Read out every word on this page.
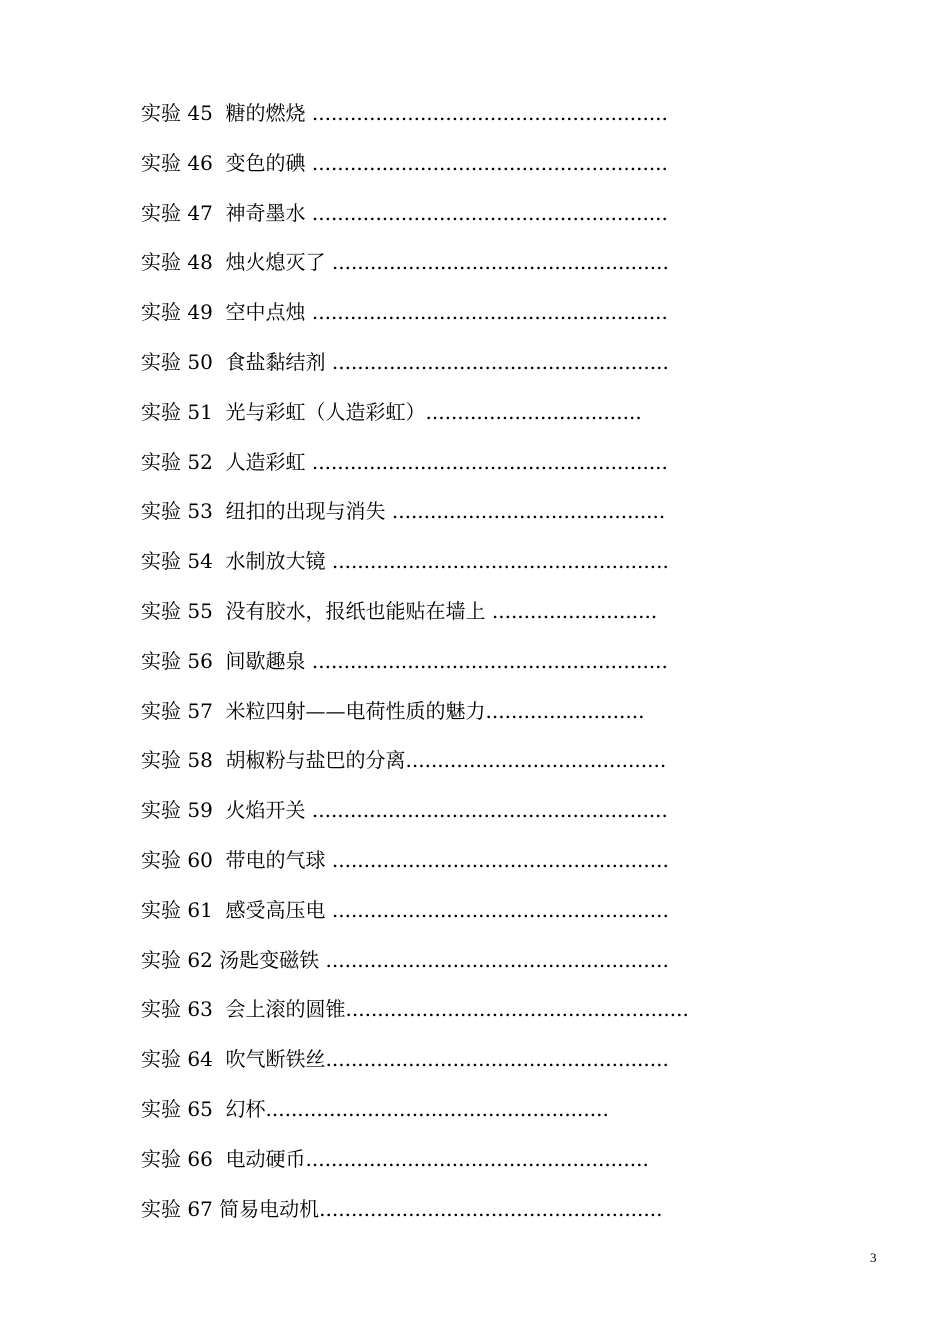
实验 45  糖的燃烧 ........................................................
实验 46  变色的碘 ........................................................
实验 47  神奇墨水 ........................................................
实验 48  烛火熄灭了 .....................................................
实验 49  空中点烛 ........................................................
实验 50  食盐黏结剂 .....................................................
实验 51  光与彩虹（人造彩虹）..................................
实验 52  人造彩虹 ........................................................
实验 53  纽扣的出现与消失 ...........................................
实验 54  水制放大镜 .....................................................
实验 55  没有胶水，报纸也能贴在墙上 ..........................
实验 56  间歇趣泉 ........................................................
实验 57  米粒四射——电荷性质的魅力.........................
实验 58  胡椒粉与盐巴的分离.........................................
实验 59  火焰开关 ........................................................
实验 60  带电的气球 .....................................................
实验 61  感受高压电 .....................................................
实验 62 汤匙变磁铁 ......................................................
实验 63  会上滚的圆锥......................................................
实验 64  吹气断铁丝......................................................
实验 65  幻杯......................................................
实验 66  电动硬币......................................................
实验 67 简易电动机......................................................
3
